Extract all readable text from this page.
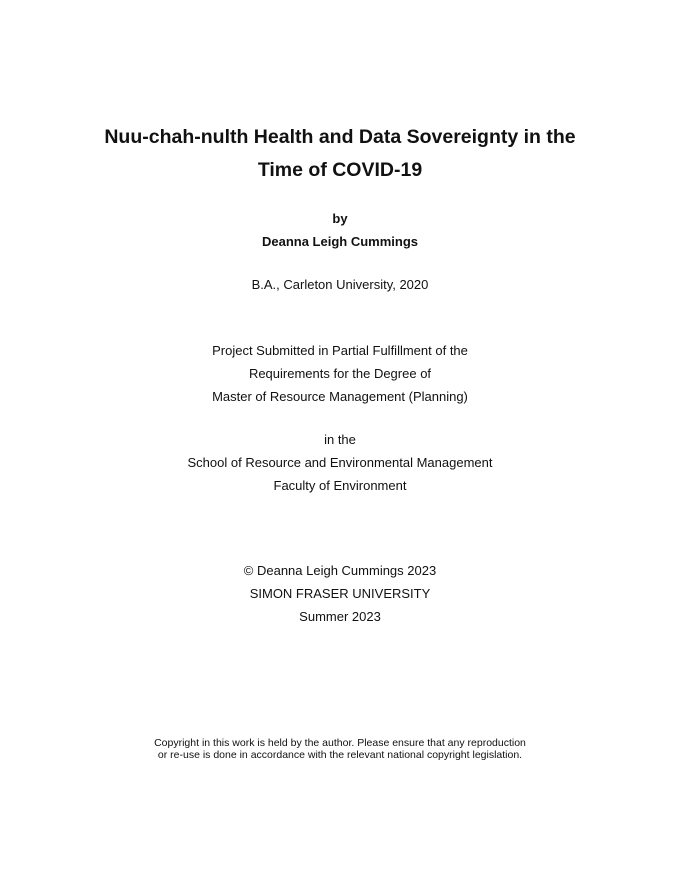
Nuu-chah-nulth Health and Data Sovereignty in the
Time of COVID-19
by
Deanna Leigh Cummings
B.A., Carleton University, 2020
Project Submitted in Partial Fulfillment of the
Requirements for the Degree of
Master of Resource Management (Planning)
in the
School of Resource and Environmental Management
Faculty of Environment
© Deanna Leigh Cummings 2023
SIMON FRASER UNIVERSITY
Summer 2023
Copyright in this work is held by the author. Please ensure that any reproduction
or re-use is done in accordance with the relevant national copyright legislation.
